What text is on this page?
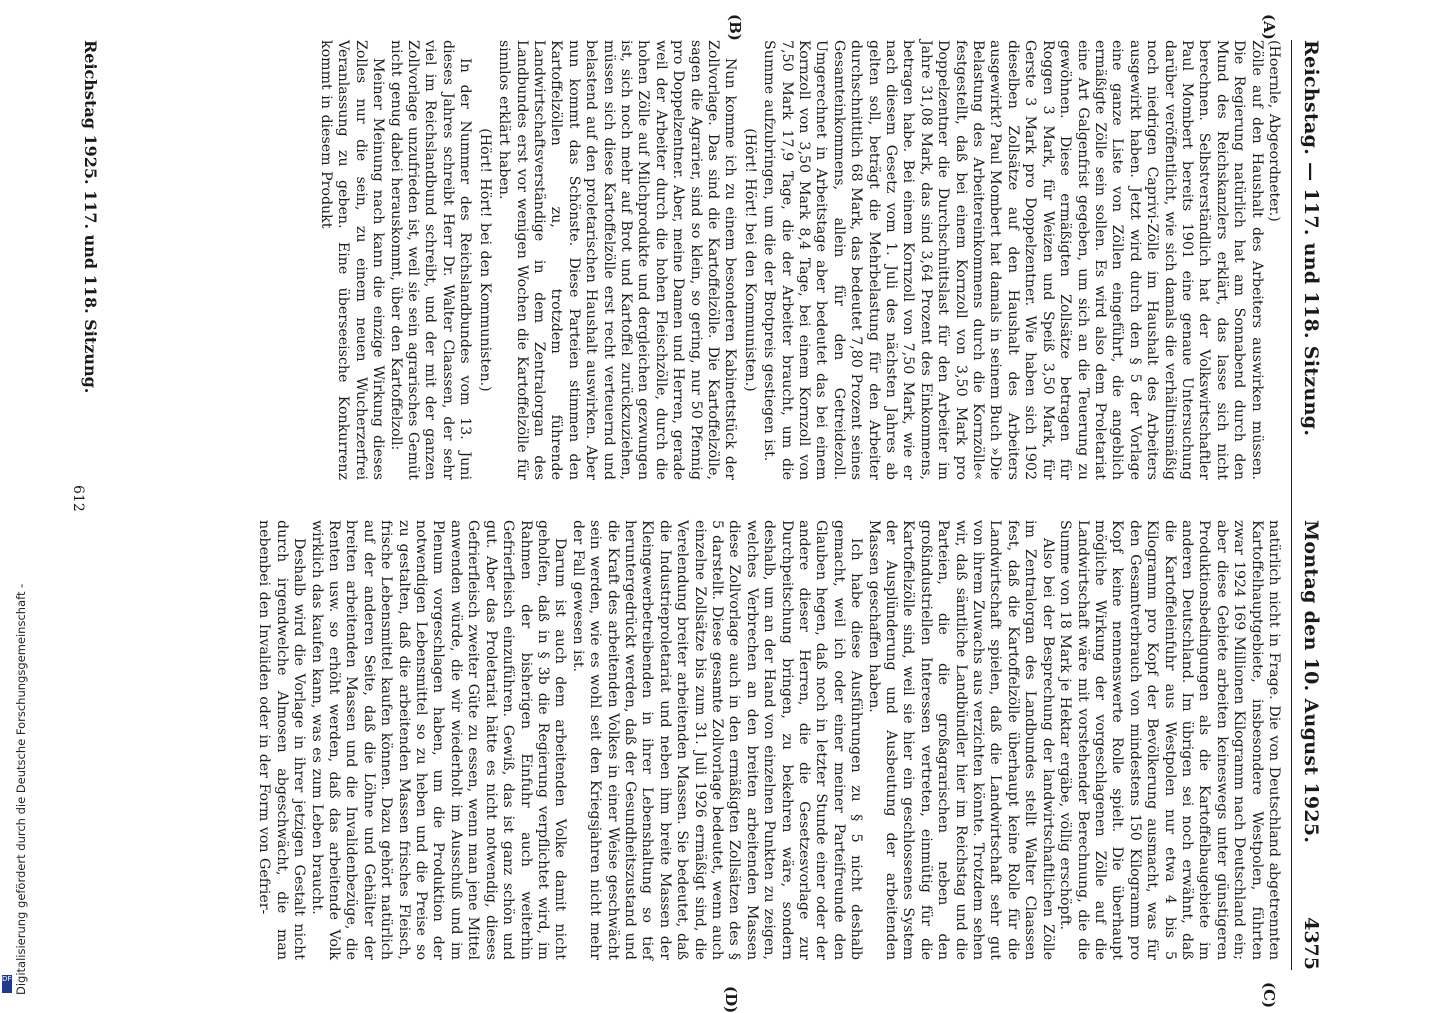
Reichstag. — 117. und 118. Sitzung.
Montag den 10. August 1925.
4375
(A)
(B)
(C)
(D)

(Hoernle, Abgeordneter.)

Zölle auf den Haushalt des Arbeiters auswirken müssen. Die Regierung natürlich hat am Sonnabend durch den Mund des Reichskanzlers erklärt, das lasse sich nicht berechnen. Selbstverständlich hat der Volkswirtschaftler Paul Mombert bereits 1901 eine genaue Untersuchung darüber veröffentlicht, wie sich damals die verhältnismäßig noch niedrigen Caprivi-Zölle im Haushalt des Arbeiters ausgewirkt haben. Jetzt wird durch den § 5 der Vorlage eine ganze Liste von Zöllen eingeführt, die angeblich ermäßigte Zölle sein sollen. Es wird also dem Proletariat eine Art Galgenfrist gegeben, um sich an die Teuerung zu gewöhnen. Diese ermäßigten Zollsätze betragen für Roggen 3 Mark, für Weizen und Speiß 3,50 Mark, für Gerste 3 Mark pro Doppelzentner. Wie haben sich 1902 dieselben Zollsätze auf den Haushalt des Arbeiters ausgewirkt? Paul Mombert hat damals in seinem Buch »Die Belastung des Arbeitereinkommens durch die Kornzölle« festgestellt, daß bei einem Kornzoll von 3,50 Mark pro Doppelzentner die Durchschnittslast für den Arbeiter im Jahre 31,08 Mark, das sind 3,64 Prozent des Einkommens, betragen habe. Bei einem Kornzoll von 7,50 Mark, wie er nach diesem Gesetz vom 1. Juli des nächsten Jahres ab gelten soll, beträgt die Mehrbelastung für den Arbeiter durchschnittlich 68 Mark, das bedeutet 7,80 Prozent seines Gesamteinkommens, allein für den Getreidezoll. Umgerechnet in Arbeitstage aber bedeutet das bei einem Kornzoll von 3,50 Mark 8,4 Tage, bei einem Kornzoll von 7,50 Mark 17,9 Tage, die der Arbeiter braucht, um die Summe aufzubringen, um die der Brotpreis gestiegen ist.

(Hört! Hört! bei den Kommunisten.)

Nun komme ich zu einem besonderen Kabinettstück der Zollvorlage. Das sind die Kartoffelzölle. Die Kartoffelzölle, sagen die Agrarier, sind so klein, so gering, nur 50 Pfennig pro Doppelzentner. Aber, meine Damen und Herren, gerade weil der Arbeiter durch die hohen Fleischzölle, durch die hohen Zölle auf Milchprodukte und dergleichen gezwungen ist, sich noch mehr auf Brot und Kartoffel zurückzuziehen, müssen sich diese Kartoffelzölle erst recht verteuernd und belastend auf den proletarischen Haushalt auswirken. Aber nun kommt das Schönste. Diese Parteien stimmen den Kartoffelzöllen zu, trotzdem führende Landwirtschaftsverständige in dem Zentralorgan des Landbundes erst vor wenigen Wochen die Kartoffelzölle für sinnlos erklärt haben.

(Hört! Hört! bei den Kommunisten.)

In der Nummer des Reichslandbundes vom 13. Juni dieses Jahres schreibt Herr Dr. Walter Claassen, der sehr viel im Reichslandbund schreibt, und der mit der ganzen Zollvorlage unzufrieden ist, weil sie sein agrarisches Gemüt nicht genug dabei herauskommt, über den Kartoffelzoll:

Meiner Meinung nach kann die einzige Wirkung dieses Zolles nur die sein, zu einem neuen Wucherzerfrei Veranlassung zu geben. Eine überseeische Konkurrenz kommt in diesem Produkt

natürlich nicht in Frage. Die von Deutschland abgetrennten Kartoffelhauptgebiete, insbesondere Westpolen, führten zwar 1924 169 Millionen Kilogramm nach Deutschland ein; aber diese Gebiete arbeiten keineswegs unter günstigeren Produktionsbedingungen als die Kartoffelbaugebiete im anderen Deutschland. Im übrigen sei noch erwähnt, daß die Kartoffeleinfuhr aus Westpolen nur etwa 4 bis 5 Kilogramm pro Kopf der Bevölkerung ausmacht, was für den Gesamtverbrauch von mindestens 150 Kilogramm pro Kopf keine nennenswerte Rolle spielt. Die überhaupt mögliche Wirkung der vorgeschlagenen Zölle auf die Landwirtschaft wäre mit vorstehender Berechnung, die die Summe von 18 Mark je Hektar ergäbe, völlig erschöpft.

Also bei der Besprechung der landwirtschaftlichen Zölle im Zentralorgan des Landbundes stellt Walter Claassen fest, daß die Kartoffelzölle überhaupt keine Rolle für die Landwirtschaft spielen, daß die Landwirtschaft sehr gut von ihrem Zuwachs aus verzichten könnte. Trotzdem sehen wir, daß sämtliche Landbündler hier im Reichstag und die Parteien, die die großagrarischen neben den großindustriellen Interessen vertreten, einmütig für die Kartoffelzölle sind, weil sie hier ein geschlossenes System der Ausplünderung und Ausbeutung der arbeitenden Massen geschaffen haben.

Ich habe diese Ausführungen zu § 5 nicht deshalb gemacht, weil ich oder einer meiner Parteifreunde den Glauben hegen, daß noch in letzter Stunde einer oder der andere dieser Herren, die die Gesetzesvorlage zur Durchpeitschung bringen, zu bekehren wäre, sondern deshalb, um an der Hand von einzelnen Punkten zu zeigen, welches Verbrechen an den breiten arbeitenden Massen diese Zollvorlage auch in den ermäßigten Zollsätzen des § 5 darstellt. Diese gesamte Zollvorlage bedeutet, wenn auch einzelne Zollsätze bis zum 31. Juli 1926 ermäßigt sind, die Verelendung breiter arbeitenden Massen. Sie bedeutet, daß die Industrieproletariat und neben ihm breite Massen der Kleingewerbetreibenden in ihrer Lebenshaltung so tief heruntergedrückt werden, daß der Gesundheitszustand und die Kraft des arbeitenden Volkes in einer Weise geschwächt sein werden, wie es wohl seit den Kriegsjahren nicht mehr der Fall gewesen ist.

Darum ist auch dem arbeitenden Volke damit nicht geholfen, daß in § 3b die Regierung verpflichtet wird, im Rahmen der bisherigen Einfuhr auch weiterhin Gefrierfleisch einzuführen. Gewiß, das ist ganz schön und gut. Aber das Proletariat hätte es nicht notwendig, dieses Gefrierfleisch zweiter Güte zu essen, wenn man jene Mittel anwenden würde, die wir wiederholt im Ausschuß und im Plenum vorgeschlagen haben, um die Produktion der notwendigen Lebensmittel so zu heben und die Preise so zu gestalten, daß die arbeitenden Massen frisches Fleisch, frische Lebensmittel kaufen können. Dazu gehört natürlich auf der anderen Seite, daß die Löhne und Gehälter der breiten arbeitenden Massen und die Invalidenbezüge, die Renten usw. so erhöht werden, daß das arbeitende Volk wirklich das kaufen kann, was es zum Leben braucht.

Deshalb wird die Vorlage in ihrer jetzigen Gestalt nicht durch irgendwelche Almosen abgeschwächt, die man nebenbei den Invaliden oder in der Form von Gefrier-

Reichstag 1925. 117. und 118. Sitzung.
612
Digitalisierung gefördert durch die Deutsche Forschungsgemeinschaft -
DFG
